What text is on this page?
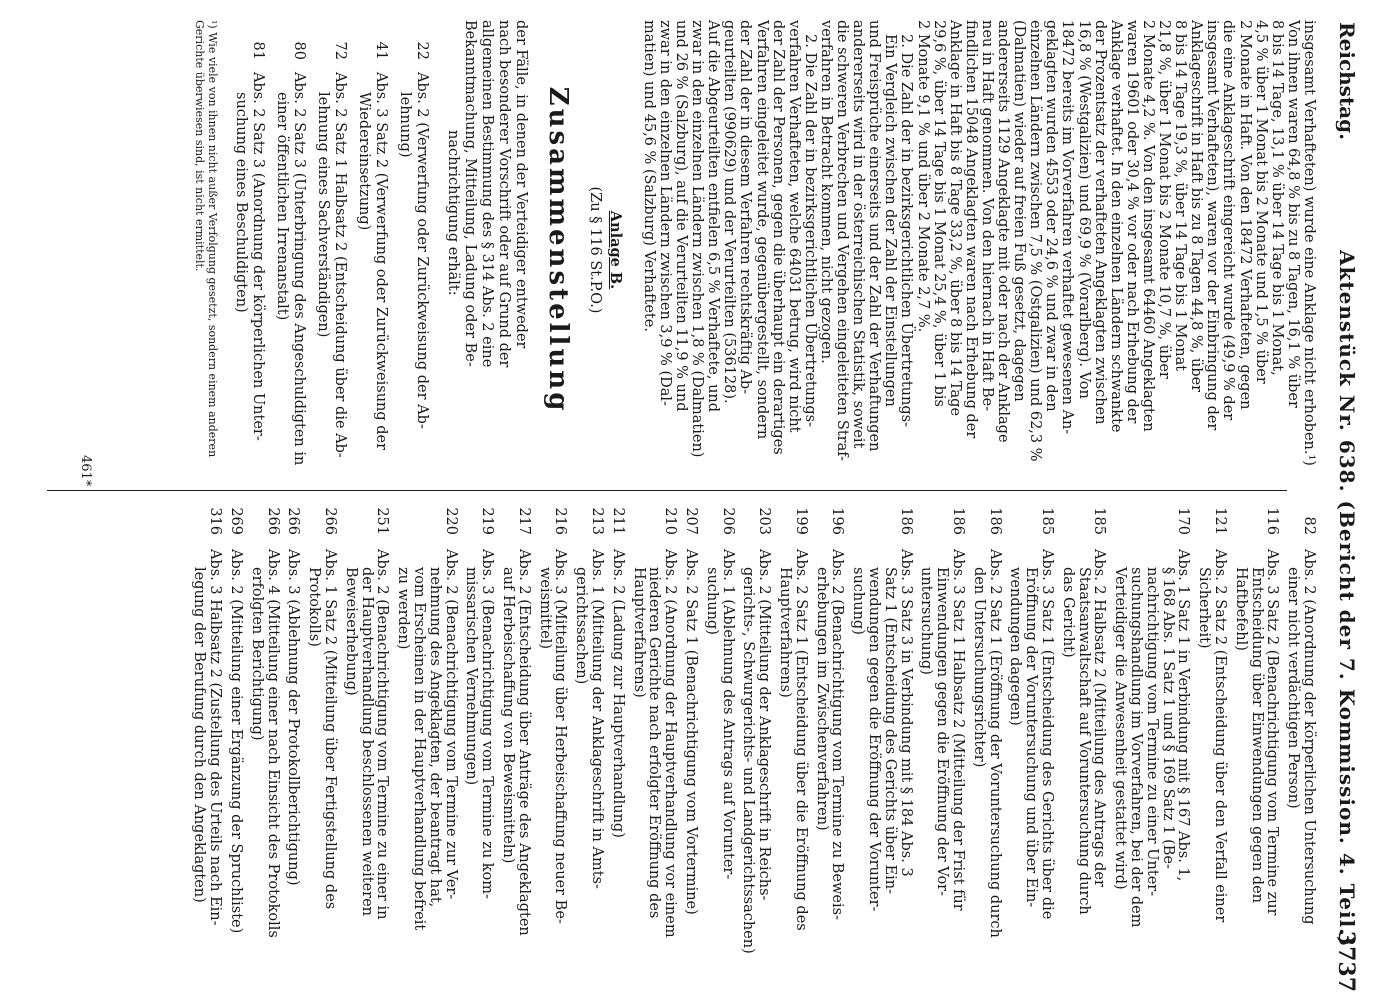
Reichstag.
Aktenstück Nr. 638. (Bericht der 7. Kommission. 4. Teil.)
3737
insgesamt Verhafteten) wurde eine Anklage nicht erhoben.¹)
Von ihnen waren 64,8 % bis zu 8 Tagen, 16,1 % über
8 bis 14 Tage, 13,1 % über 14 Tage bis 1 Monat,
4,5 % über 1 Monat bis 2 Monate und 1,5 % über
2 Monate in Haft. Von den 18472 Verhafteten, gegen
die eine Anklageschrift eingereicht wurde (49,9 % der
insgesamt Verhafteten), waren vor der Einbringung der
Anklageschrift in Haft bis zu 8 Tagen 44,8 %, über
8 bis 14 Tage 19,3 %, über 14 Tage bis 1 Monat
21,8 %, über 1 Monat bis 2 Monate 10,7 %, über
2 Monate 4,2 %. Von den insgesamt 64460 Angeklagten
waren 19601 oder 30,4 % vor oder nach Erhebung der
Anklage verhaftet. In den einzelnen Ländern schwankte
der Prozentsatz der verhafteten Angeklagten zwischen
16,8 % (Westgalizien) und 69,9 % (Vorarlberg). Von
18472 bereits im Vorverfahren verhaftet gewesenen An-
geklagten wurden 4553 oder 24,6 % und zwar in den
einzelnen Ländern zwischen 7,5 % (Ostgalizien) und 62,3 %
(Dalmatien) wieder auf freien Fuß gesetzt, dagegen
andererseits 1129 Angeklagte mit oder nach der Anklage
neu in Haft genommen. Von den hiernach in Haft Be-
findlichen 15048 Angeklagten waren nach Erhebung der
Anklage in Haft bis 8 Tage 33,2 %, über 8 bis 14 Tage
29,6 %, über 14 Tage bis 1 Monat 25,4 %, über 1 bis
2 Monate 9,1 % und über 2 Monate 2,7 %.
2. Die Zahl der in bezirksgerichtlichen Übertretungs-
Ein Vergleich zwischen der Zahl der Einstellungen
und Freisprüche einerseits und der Zahl der Verhaftungen
andererseits wird in der österreichischen Statistik, soweit
die schweren Verbrechen und Vergehen eingeleiteten Straf-
verfahren in Betracht kommen, nicht gezogen.
2. Die Zahl der in bezirksgerichtlichen Übertretungs-
verfahren Verhafteten, welche 64031 betrug, wird nicht
der Zahl der Personen, gegen die überhaupt ein derartiges
Verfahren eingeleitet wurde, gegenübergestellt, sondern
der Zahl der in diesem Verfahren rechtskräftig Ab-
geurteilten (990629) und der Verurteilten (536128).
Auf die Abgeurteilten entfielen 6,5 % Verhaftete, und
zwar in den einzelnen Ländern zwischen 1,8 % (Dalmatien)
und 26 % (Salzburg), auf die Verurteilten 11,9 % und
zwar in den einzelnen Ländern zwischen 3,9 % (Dal-
matien) und 45,6 % (Salzburg) Verhaftete.
Anlage B.
(Zu § 116 St.P.O.)
Zusammenstellung
der Fälle, in denen der Verteidiger entweder
nach besonderer Vorschrift oder auf Grund der
allgemeinen Bestimmung des § 314 Abs. 2 eine
Bekanntmachung, Mitteilung, Ladung oder Be-
nachrichtigung erhält:
22
Abs. 2 (Verwerfung oder Zurückweisung der Ab-
lehnung)
41
Abs. 3 Satz 2 (Verwerfung oder Zurückweisung der
Wiedereinsetzung)
72
Abs. 2 Satz 1 Halbsatz 2 (Entscheidung über die Ab-
lehnung eines Sachverständigen)
80
Abs. 2 Satz 3 (Unterbringung des Angeschuldigten in
einer öffentlichen Irrenanstalt)
81
Abs. 2 Satz 3 (Anordnung der körperlichen Unter-
suchung eines Beschuldigten)
¹) Wie viele von ihnen nicht außer Verfolgung gesetzt, sondern einem anderen Gerichte überwiesen sind, ist nicht ermittelt.
82
Abs. 2 (Anordnung der körperlichen Untersuchung
einer nicht verdächtigen Person)
116
Abs. 3 Satz 2 (Benachrichtigung vom Termine zur
Entscheidung über Einwendungen gegen den
Haftbefehl)
121
Abs. 2 Satz 2 (Entscheidung über den Verfall einer
Sicherheit)
170
Abs. 1 Satz 1 in Verbindung mit § 167 Abs. 1,
§ 168 Abs. 1 Satz 1 und § 169 Satz 1 (Be-
nachrichtigung vom Termine zu einer Unter-
suchungshandlung im Vorverfahren, bei der dem
Verteidiger die Anwesenheit gestattet wird)
185
Abs. 2 Halbsatz 2 (Mitteilung des Antrags der
Staatsanwaltschaft auf Voruntersuchung durch
das Gericht)
185
Abs. 3 Satz 1 (Entscheidung des Gerichts über die
Eröffnung der Voruntersuchung und über Ein-
wendungen dagegen)
186
Abs. 2 Satz 1 (Eröffnung der Voruntersuchung durch
den Untersuchungsrichter)
186
Abs. 3 Satz 1 Halbsatz 2 (Mitteilung der Frist für
Einwendungen gegen die Eröffnung der Vor-
untersuchung)
186
Abs. 3 Satz 3 in Verbindung mit § 184 Abs. 3
Satz 1 (Entscheidung des Gerichts über Ein-
wendungen gegen die Eröffnung der Vorunter-
suchung)
196
Abs. 2 (Benachrichtigung vom Termine zu Beweis-
erhebungen im Zwischenverfahren)
199
Abs. 2 Satz 1 (Entscheidung über die Eröffnung des
Hauptverfahrens)
203
Abs. 2 (Mitteilung der Anklageschrift in Reichs-
gerichts-, Schwurgerichts- und Landgerichtssachen)
206
Abs. 1 (Ablehnung des Antrags auf Vorunter-
suchung)
207
Abs. 2 Satz 1 (Benachrichtigung vom Vortermine)
210
Abs. 2 (Anordnung der Hauptverhandlung vor einem
niederen Gerichte nach erfolgter Eröffnung des
Hauptverfahrens)
211
Abs. 2 (Ladung zur Hauptverhandlung)
213
Abs. 1 (Mitteilung der Anklageschrift in Amts-
gerichtssachen)
216
Abs. 3 (Mitteilung über Herbeischaffung neuer Be-
weismittel)
217
Abs. 2 (Entscheidung über Anträge des Angeklagten
auf Herbeischaffung von Beweismitteln)
219
Abs. 3 (Benachrichtigung vom Termine zu kom-
missarischen Vernehmungen)
220
Abs. 2 (Benachrichtigung vom Termine zur Ver-
nehmung des Angeklagten, der beantragt hat,
vom Erscheinen in der Hauptverhandlung befreit
zu werden)
251
Abs. 2 (Benachrichtigung vom Termine zu einer in
der Hauptverhandlung beschlossenen weiteren
Beweiserhebung)
266
Abs. 1 Satz 2 (Mitteilung über Fertigstellung des
Protokolls)
266
Abs. 3 (Ablehnung der Protokollberichtigung)
266
Abs. 4 (Mitteilung einer nach Einsicht des Protokolls
erfolgten Berichtigung)
269
Abs. 2 (Mitteilung einer Ergänzung der Spruchliste)
316
Abs. 3 Halbsatz 2 (Zustellung des Urteils nach Ein-
legung der Berufung durch den Angeklagten)
461*
